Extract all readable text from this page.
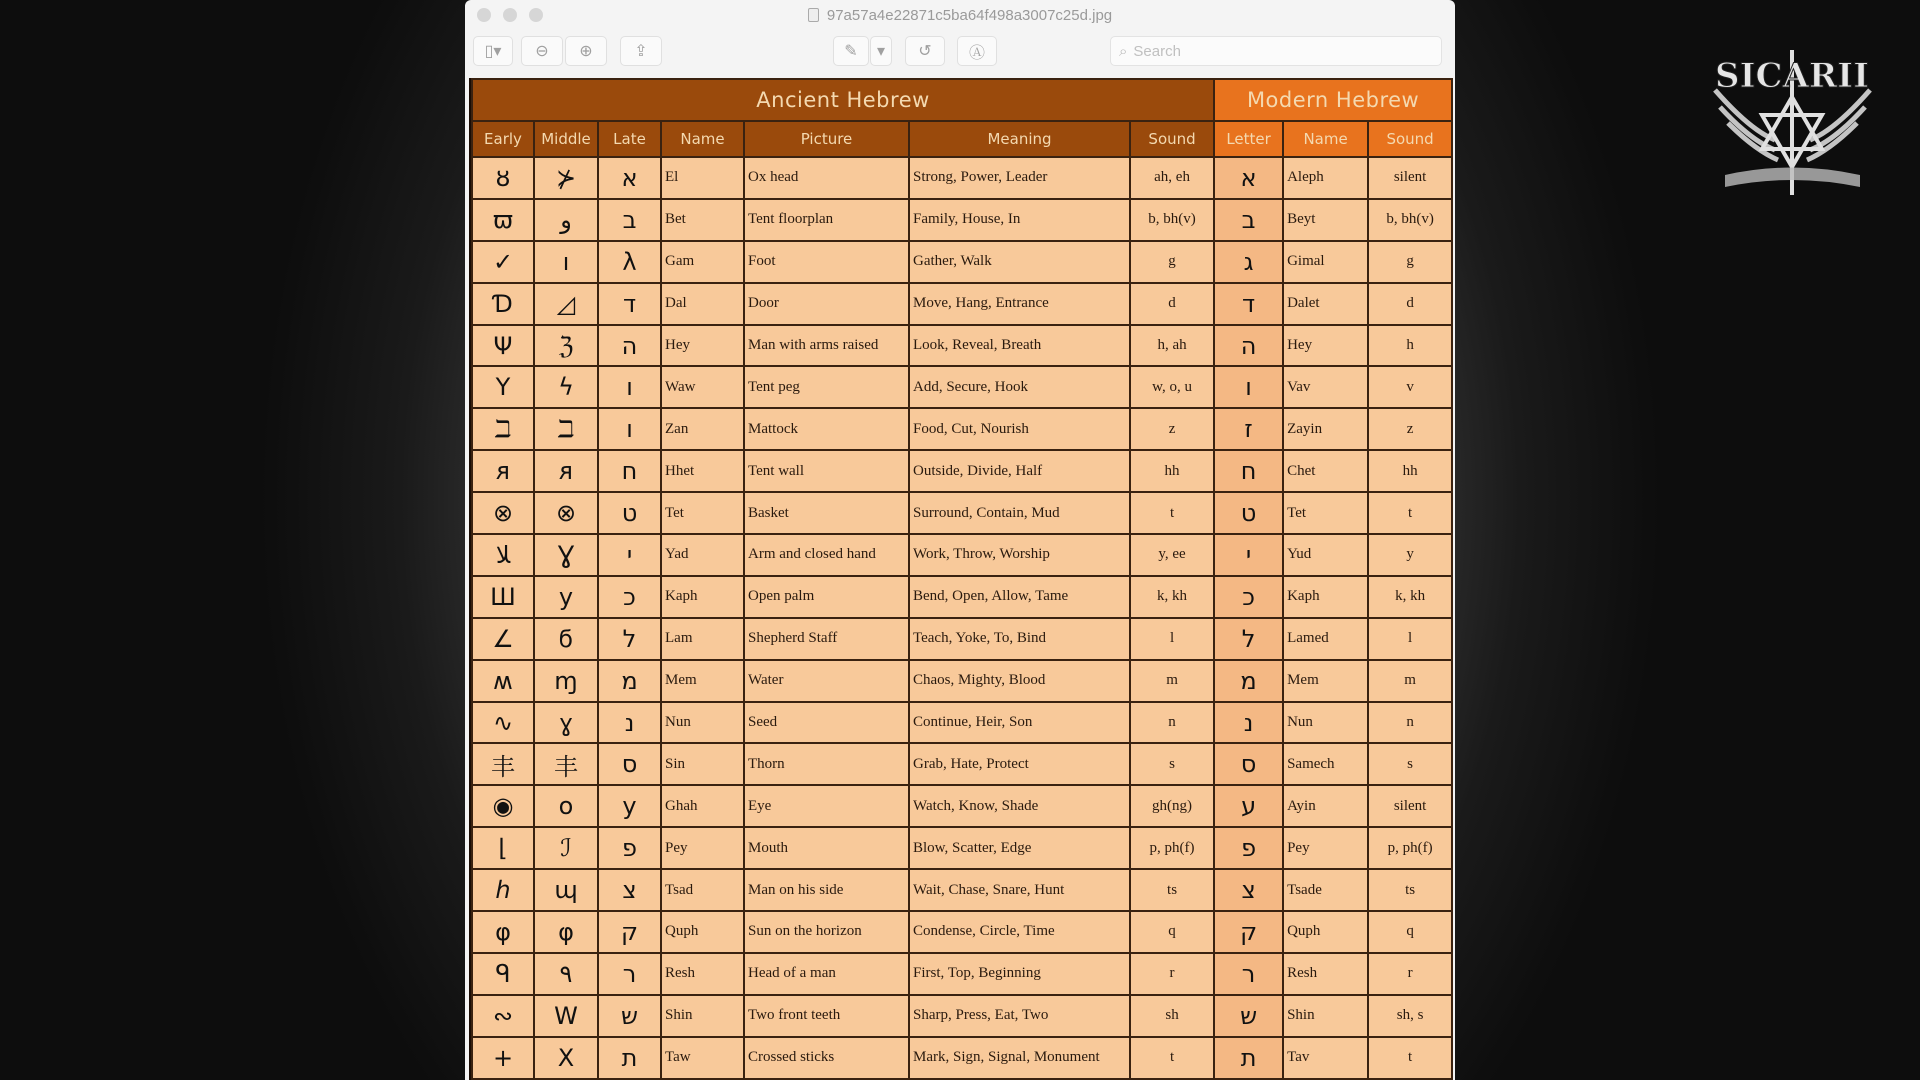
97a57a4e22871c5ba64f498a3007c25d.jpg
▯▾	⊖	⊕	⇪	✎	▾	↺	Ⓐ	⌕
Search
Ancient Hebrew							Modern Hebrew		
Early	Middle	Late	Name	Picture	Meaning	Sound	Letter	Name	Sound
ȣ	⊁	א	El	Ox head	Strong, Power, Leader	ah, eh	א	Aleph	silent
ϖ	و	ב	Bet	Tent floorplan	Family, House, In	b, bh(v)	ב	Beyt	b, bh(v)
✓	ו	λ	Gam	Foot	Gather, Walk	g	ג	Gimal	g
Ɗ	◿	ד	Dal	Door	Move, Hang, Entrance	d	ד	Dalet	d
Ψ	ℨ	ה	Hey	Man with arms raised	Look, Reveal, Breath	h, ah	ה	Hey	h
Y	ϟ	ו	Waw	Tent peg	Add, Secure, Hook	w, o, u	ו	Vav	v
ℶ	ℶ	ו	Zan	Mattock	Food, Cut, Nourish	z	ז	Zayin	z
ᴙ	ᴙ	ח	Hhet	Tent wall	Outside, Divide, Half	hh	ח	Chet	hh
⊗	⊗	ט	Tet	Basket	Surround, Contain, Mud	t	ט	Tet	t
ﻼ	Ɣ	י	Yad	Arm and closed hand	Work, Throw, Worship	y, ee	י	Yud	y
Ш	y	כ	Kaph	Open palm	Bend, Open, Allow, Tame	k, kh	כ	Kaph	k, kh
∠	ϭ	ל	Lam	Shepherd Staff	Teach, Yoke, To, Bind	l	ל	Lamed	l
ʍ	ɱ	מ	Mem	Water	Chaos, Mighty, Blood	m	מ	Mem	m
∿	ɣ	נ	Nun	Seed	Continue, Heir, Son	n	נ	Nun	n
丰	丰	ס	Sin	Thorn	Grab, Hate, Protect	s	ס	Samech	s
◉	o	y	Ghah	Eye	Watch, Know, Shade	gh(ng)	ע	Ayin	silent
⌊	ℐ	פ	Pey	Mouth	Blow, Scatter, Edge	p, ph(f)	פ	Pey	p, ph(f)
ℎ	ɰ	צ	Tsad	Man on his side	Wait, Chase, Snare, Hunt	ts	צ	Tsade	ts
φ	φ	ק	Quph	Sun on the horizon	Condense, Circle, Time	q	ק	Quph	q
ᑫ	٩	ר	Resh	Head of a man	First, Top, Beginning	r	ר	Resh	r
∾	W	ש	Shin	Two front teeth	Sharp, Press, Eat, Two	sh	ש	Shin	sh, s
+	X	ת	Taw	Crossed sticks	Mark, Sign, Signal, Monument	t	ת	Tav	t
SICARII
